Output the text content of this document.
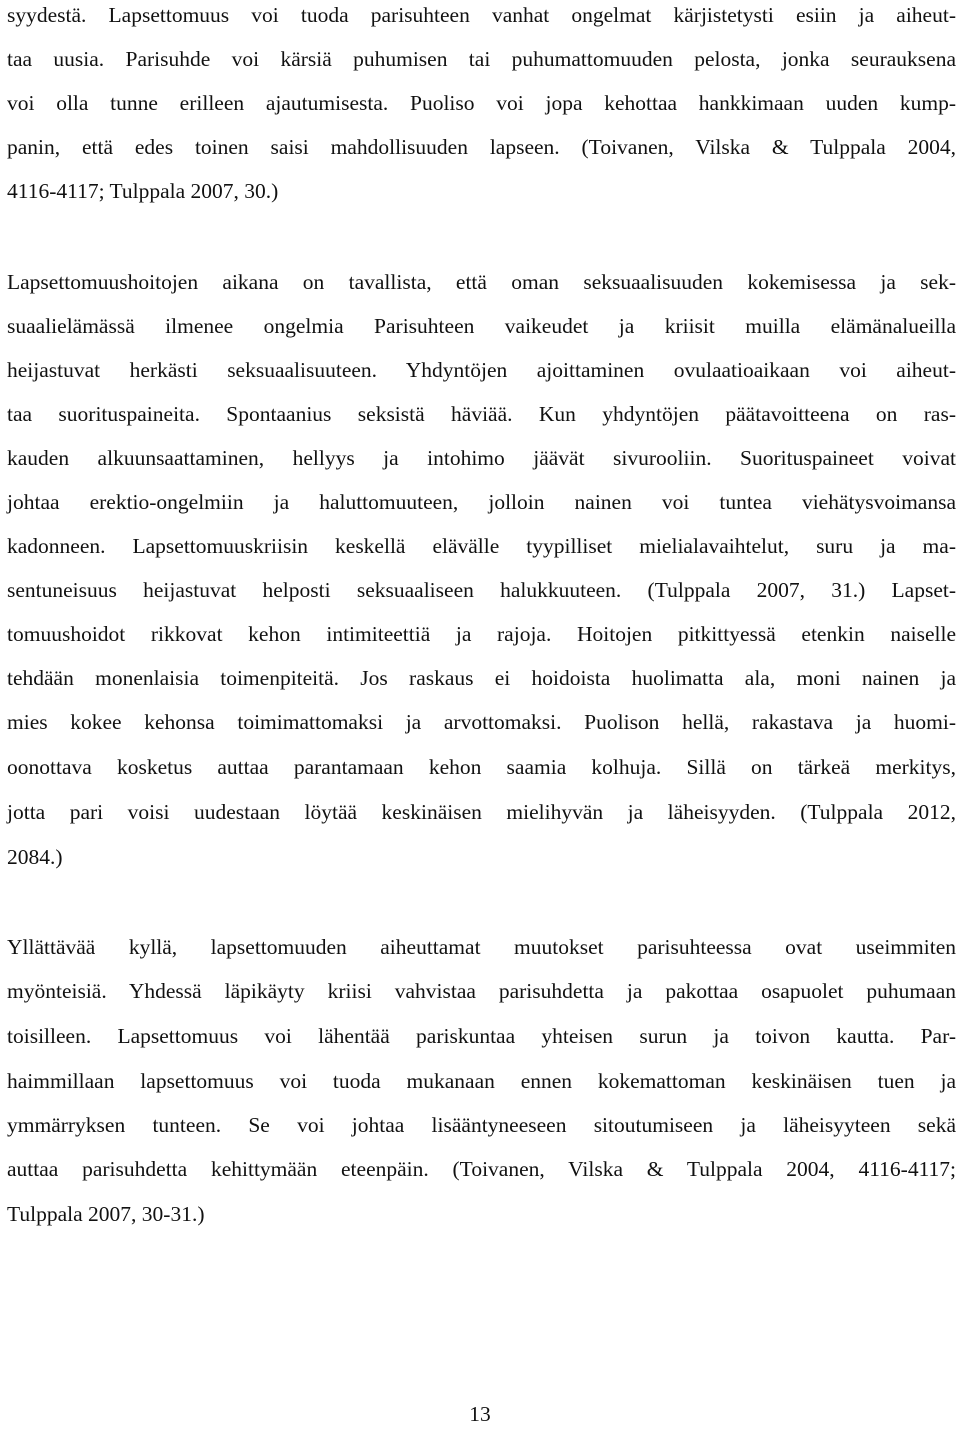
syydestä. Lapsettomuus voi tuoda parisuhteen vanhat ongelmat kärjistetysti esiin ja aiheut-
taa uusia. Parisuhde voi kärsiä puhumisen tai puhumattomuuden pelosta, jonka seurauksena
voi olla tunne erilleen ajautumisesta. Puoliso voi jopa kehottaa hankkimaan uuden kump-
panin, että edes toinen saisi mahdollisuuden lapseen. (Toivanen, Vilska & Tulppala 2004,
4116-4117; Tulppala 2007, 30.)
Lapsettomuushoitojen aikana on tavallista, että oman seksuaalisuuden kokemisessa ja sek-
suaalielämässä ilmenee ongelmia Parisuhteen vaikeudet ja kriisit muilla elämänalueilla
heijastuvat herkästi seksuaalisuuteen. Yhdyntöjen ajoittaminen ovulaatioaikaan voi aiheut-
taa suorituspaineita. Spontaanius seksistä häviää. Kun yhdyntöjen päätavoitteena on ras-
kauden alkuunsaattaminen, hellyys ja intohimo jäävät sivurooliin. Suorituspaineet voivat
johtaa erektio-ongelmiin ja haluttomuuteen, jolloin nainen voi tuntea viehätysvoimansa
kadonneen. Lapsettomuuskriisin keskellä elävälle tyypilliset mielialavaihtelut, suru ja ma-
sentuneisuus heijastuvat helposti seksuaaliseen halukkuuteen. (Tulppala 2007, 31.) Lapset-
tomuushoidot rikkovat kehon intimiteettiä ja rajoja. Hoitojen pitkittyessä etenkin naiselle
tehdään monenlaisia toimenpiteitä. Jos raskaus ei hoidoista huolimatta ala, moni nainen ja
mies kokee kehonsa toimimattomaksi ja arvottomaksi. Puolison hellä, rakastava ja huomi-
oonottava kosketus auttaa parantamaan kehon saamia kolhuja. Sillä on tärkeä merkitys,
jotta pari voisi uudestaan löytää keskinäisen mielihyvän ja läheisyyden. (Tulppala 2012,
2084.)
Yllättävää kyllä, lapsettomuuden aiheuttamat muutokset parisuhteessa ovat useimmiten
myönteisiä. Yhdessä läpikäyty kriisi vahvistaa parisuhdetta ja pakottaa osapuolet puhumaan
toisilleen. Lapsettomuus voi lähentää pariskuntaa yhteisen surun ja toivon kautta. Par-
haimmillaan lapsettomuus voi tuoda mukanaan ennen kokemattoman keskinäisen tuen ja
ymmärryksen tunteen. Se voi johtaa lisääntyneeseen sitoutumiseen ja läheisyyteen sekä
auttaa parisuhdetta kehittymään eteenpäin. (Toivanen, Vilska & Tulppala 2004, 4116-4117;
Tulppala 2007, 30-31.)
13
